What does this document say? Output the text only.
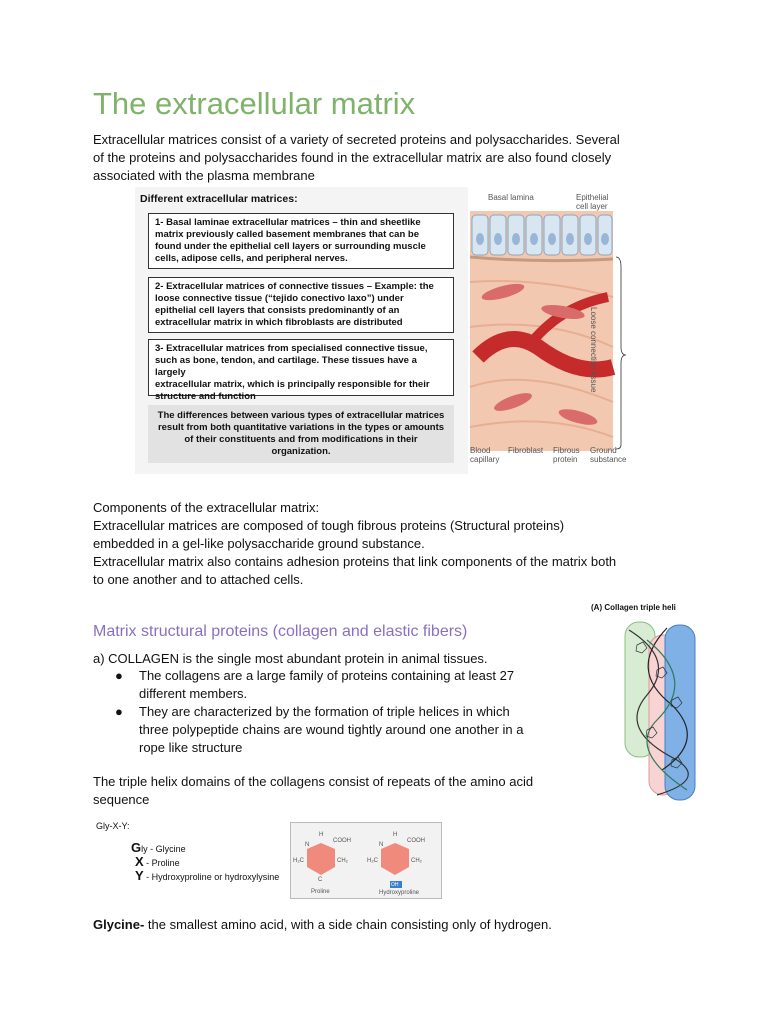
The extracellular matrix

Extracellular matrices consist of a variety of secreted proteins and polysaccharides. Several
of the proteins and polysaccharides found in the extracellular matrix are also found closely
associated with the plasma membrane

Different extracellular matrices:
1- Basal laminae extracellular matrices – thin and sheetlike
matrix previously called basement membranes that can be
found under the epithelial cell layers or surrounding muscle
cells, adipose cells, and peripheral nerves.
2- Extracellular matrices of connective tissues – Example: the
loose connective tissue (“tejido conectivo laxo”) under
epithelial cell layers that consists predominantly of an
extracellular matrix in which fibroblasts are distributed
3- Extracellular matrices from specialised connective tissue,
such as bone, tendon, and cartilage. These tissues have a largely
extracellular matrix, which is principally responsible for their
structure and function
The differences between various types of extracellular matrices
result from both quantitative variations in the types or amounts
of their constituents and from modifications in their
organization.
Basal lamina	Epithelial
cell layer
Loose connective tissue
Blood
capillary
Fibroblast Fibrous
protein
Ground
substance

Components of the extracellular matrix:
Extracellular matrices are composed of tough fibrous proteins (Structural proteins)
embedded in a gel-like polysaccharide ground substance.
Extracellular matrix also contains adhesion proteins that link components of the matrix both
to one another and to attached cells.

Matrix structural proteins (collagen and elastic fibers)

a) COLLAGEN is the single most abundant protein in animal tissues.

● The collagens are a large family of proteins containing at least 27
different members.
● They are characterized by the formation of triple helices in which
three polypeptide chains are wound tightly around one another in a
rope like structure
(A) Collagen triple heli

The triple helix domains of the collagens consist of repeats of the amino acid
sequence

Gly-X-Y:
Gly - Glycine
X - Proline
Y - Hydroxyproline or hydroxylysine
COOH	COOH
H	H
N	N
H₂C	H₂C
CH₂	CH₂
C
OH
Proline	Hydroxyproline

Glycine- the smallest amino acid, with a side chain consisting only of hydrogen.
